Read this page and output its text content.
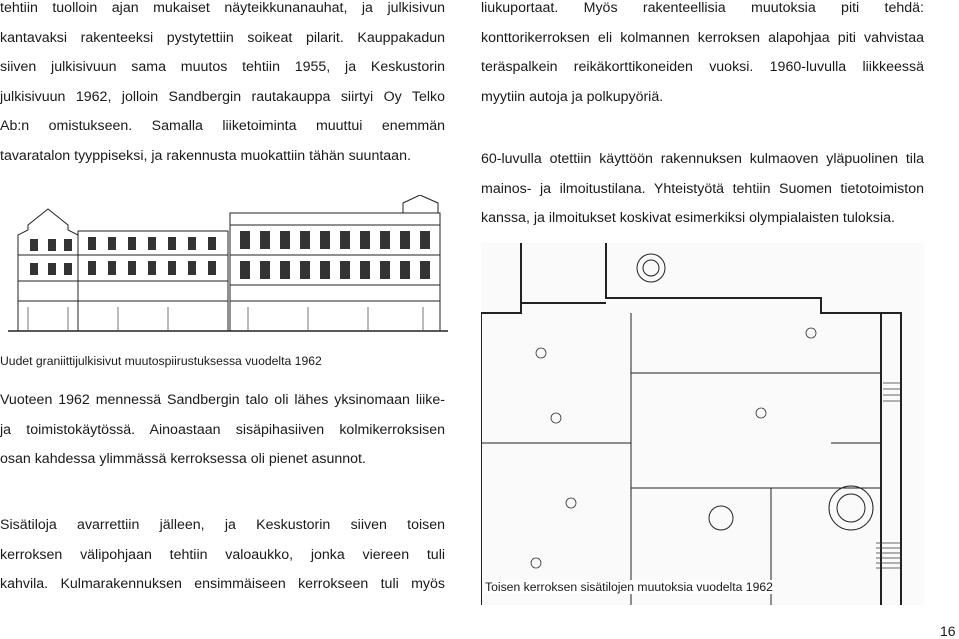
tehtiin tuolloin ajan mukaiset näyteikkunanauhat, ja julkisivun
kantavaksi rakenteeksi pystytettiin soikeat pilarit. Kauppakadun
siiven julkisivuun sama muutos tehtiin 1955, ja Keskustorin
julkisivuun 1962, jolloin Sandbergin rautakauppa siirtyi Oy Telko
Ab:n omistukseen. Samalla liiketoiminta muuttui enemmän
tavaratalon tyyppiseksi, ja rakennusta muokattiin tähän suuntaan.

Uudet graniittijulkisivut muutospiirustuksessa vuodelta 1962

Vuoteen 1962 mennessä Sandbergin talo oli lähes yksinomaan liike-
ja toimistokäytössä. Ainoastaan sisäpihasiiven kolmikerroksisen
osan kahdessa ylimmässä kerroksessa oli pienet asunnot.

Sisätiloja avarrettiin jälleen, ja Keskustorin siiven toisen
kerroksen välipohjaan tehtiin valoaukko, jonka viereen tuli
kahvila. Kulmarakennuksen ensimmäiseen kerrokseen tuli myös

liukuportaat. Myös rakenteellisia muutoksia piti tehdä:
konttorikerroksen eli kolmannen kerroksen alapohjaa piti vahvistaa
teräspalkein reikäkorttikoneiden vuoksi. 1960-luvulla liikkeessä
myytiin autoja ja polkupyöriä.

60-luvulla otettiin käyttöön rakennuksen kulmaoven yläpuolinen tila
mainos- ja ilmoitustilana. Yhteistyötä tehtiin Suomen tietotoimiston
kanssa, ja ilmoitukset koskivat esimerkiksi olympialaisten tuloksia.

Toisen kerroksen sisätilojen muutoksia vuodelta 1962
16
